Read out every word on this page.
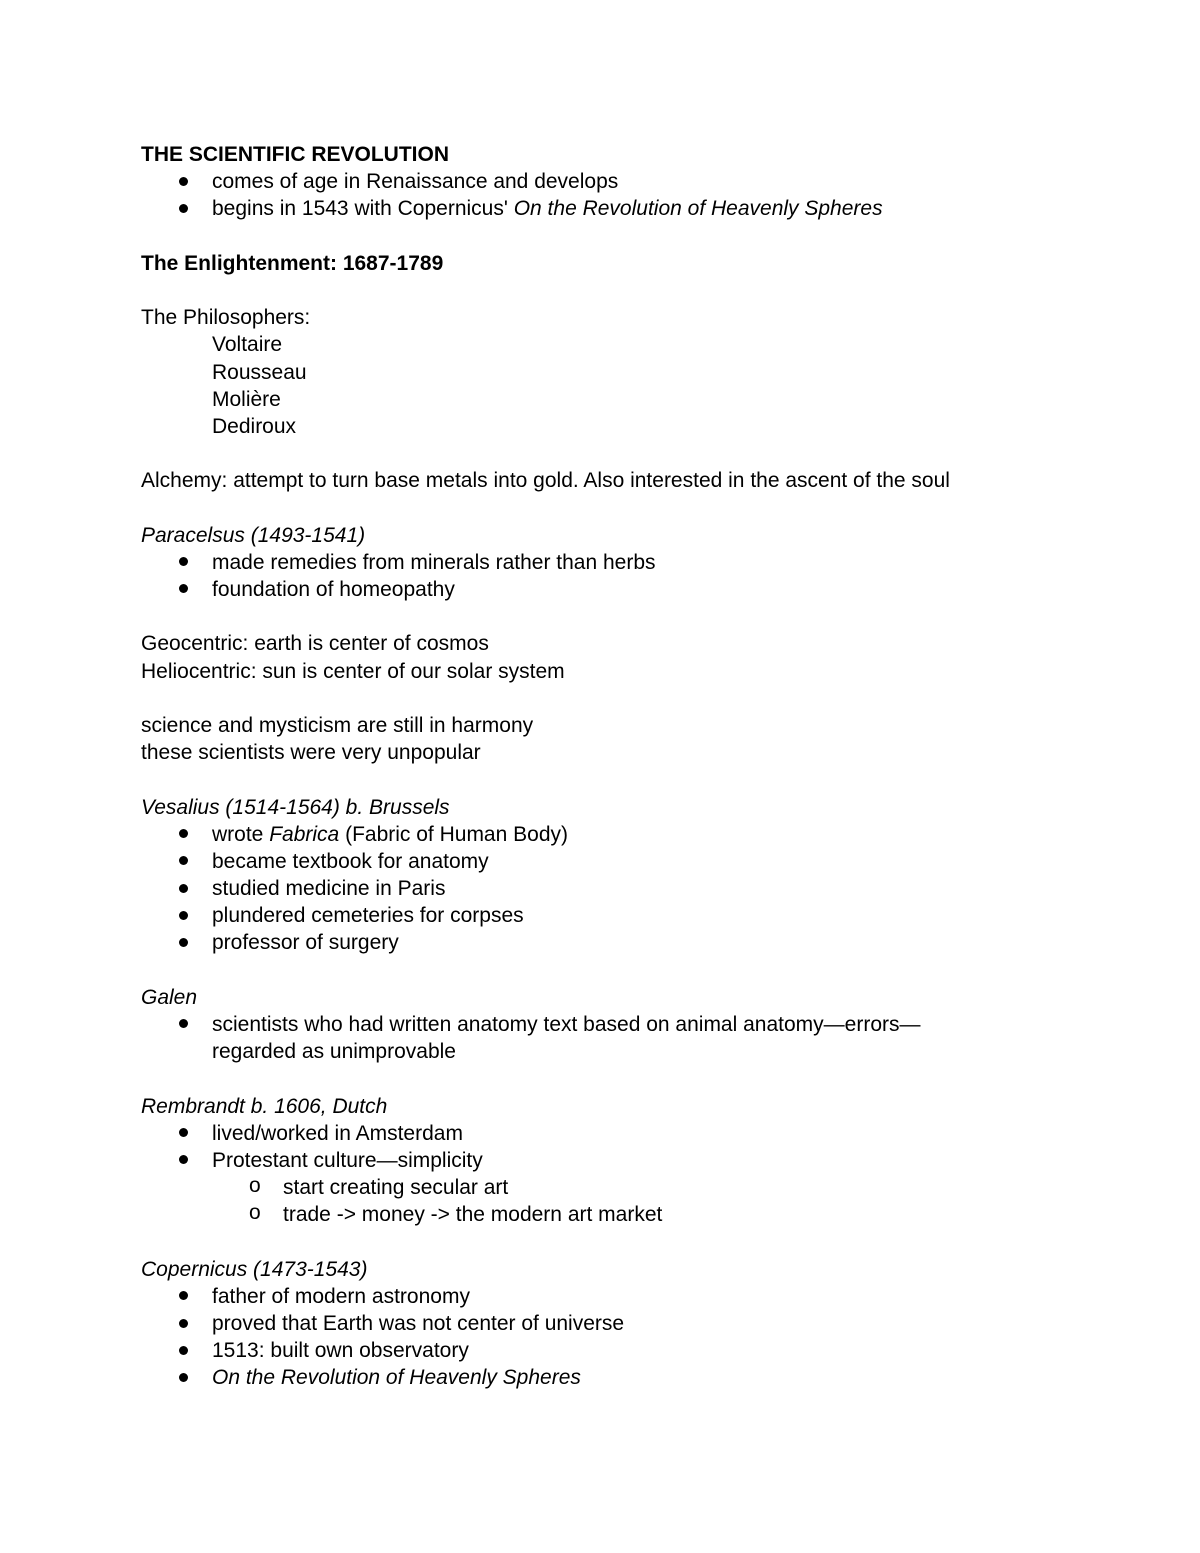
THE SCIENTIFIC REVOLUTION
comes of age in Renaissance and develops
begins in 1543 with Copernicus' On the Revolution of Heavenly Spheres
The Enlightenment: 1687-1789
The Philosophers:
Voltaire
Rousseau
Molière
Dediroux
Alchemy: attempt to turn base metals into gold. Also interested in the ascent of the soul
Paracelsus (1493-1541)
made remedies from minerals rather than herbs
foundation of homeopathy
Geocentric: earth is center of cosmos
Heliocentric: sun is center of our solar system
science and mysticism are still in harmony
these scientists were very unpopular
Vesalius (1514-1564) b. Brussels
wrote Fabrica (Fabric of Human Body)
became textbook for anatomy
studied medicine in Paris
plundered cemeteries for corpses
professor of surgery
Galen
scientists who had written anatomy text based on animal anatomy—errors—
regarded as unimprovable
Rembrandt b. 1606, Dutch
lived/worked in Amsterdam
Protestant culture—simplicity
o start creating secular art
o trade -> money -> the modern art market
Copernicus (1473-1543)
father of modern astronomy
proved that Earth was not center of universe
1513: built own observatory
On the Revolution of Heavenly Spheres
